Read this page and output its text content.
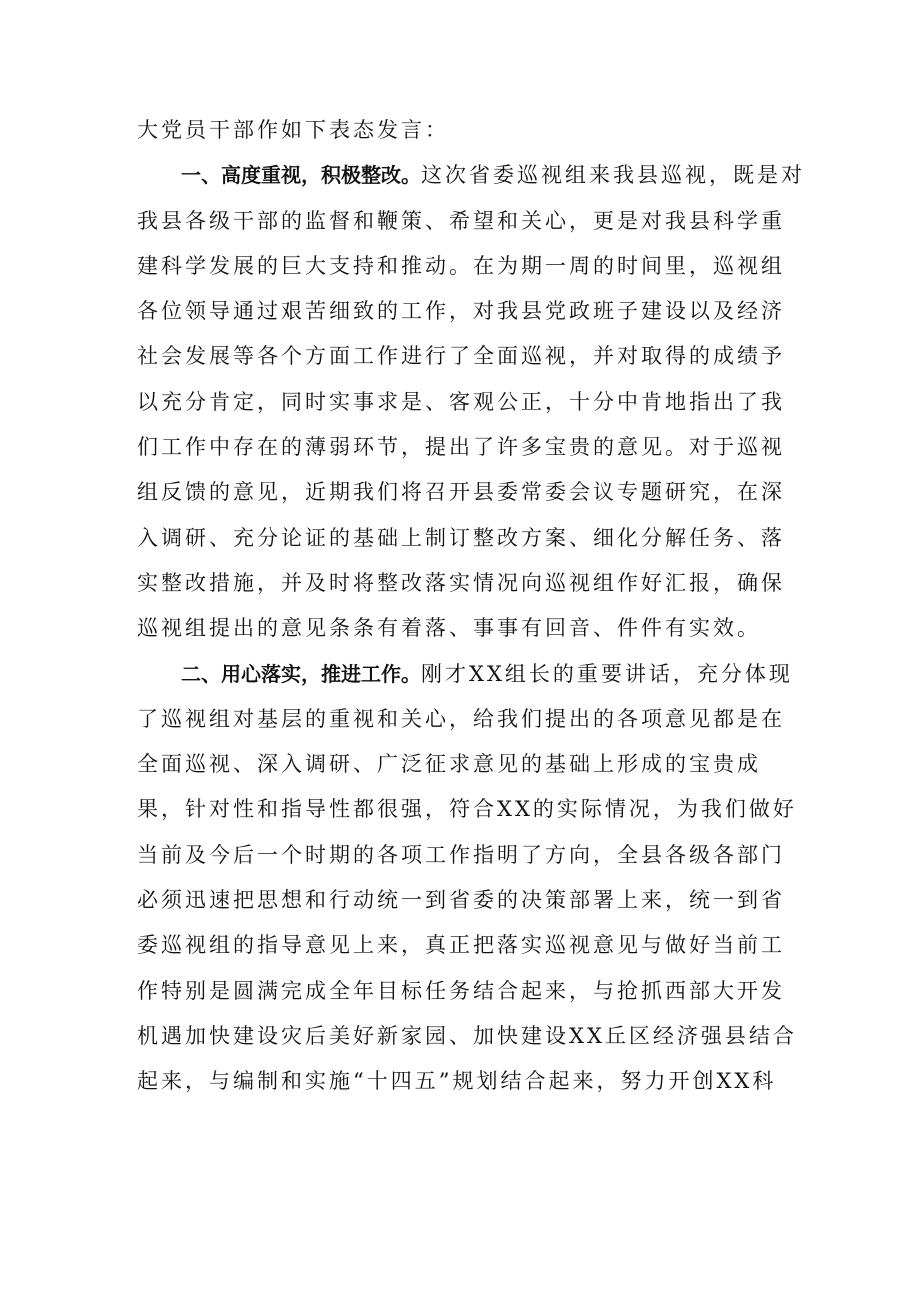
大党员干部作如下表态发言：
一、高度重视，积极整改。这次省委巡视组来我县巡视，既是对
我县各级干部的监督和鞭策、希望和关心，更是对我县科学重
建科学发展的巨大支持和推动。在为期一周的时间里，巡视组
各位领导通过艰苦细致的工作，对我县党政班子建设以及经济
社会发展等各个方面工作进行了全面巡视，并对取得的成绩予
以充分肯定，同时实事求是、客观公正，十分中肯地指出了我
们工作中存在的薄弱环节，提出了许多宝贵的意见。对于巡视
组反馈的意见，近期我们将召开县委常委会议专题研究，在深
入调研、充分论证的基础上制订整改方案、细化分解任务、落
实整改措施，并及时将整改落实情况向巡视组作好汇报，确保
巡视组提出的意见条条有着落、事事有回音、件件有实效。
二、用心落实，推进工作。刚才XX组长的重要讲话，充分体现
了巡视组对基层的重视和关心，给我们提出的各项意见都是在
全面巡视、深入调研、广泛征求意见的基础上形成的宝贵成
果，针对性和指导性都很强，符合XX的实际情况，为我们做好
当前及今后一个时期的各项工作指明了方向，全县各级各部门
必须迅速把思想和行动统一到省委的决策部署上来，统一到省
委巡视组的指导意见上来，真正把落实巡视意见与做好当前工
作特别是圆满完成全年目标任务结合起来，与抢抓西部大开发
机遇加快建设灾后美好新家园、加快建设XX丘区经济强县结合
起来，与编制和实施“十四五”规划结合起来，努力开创XX科
